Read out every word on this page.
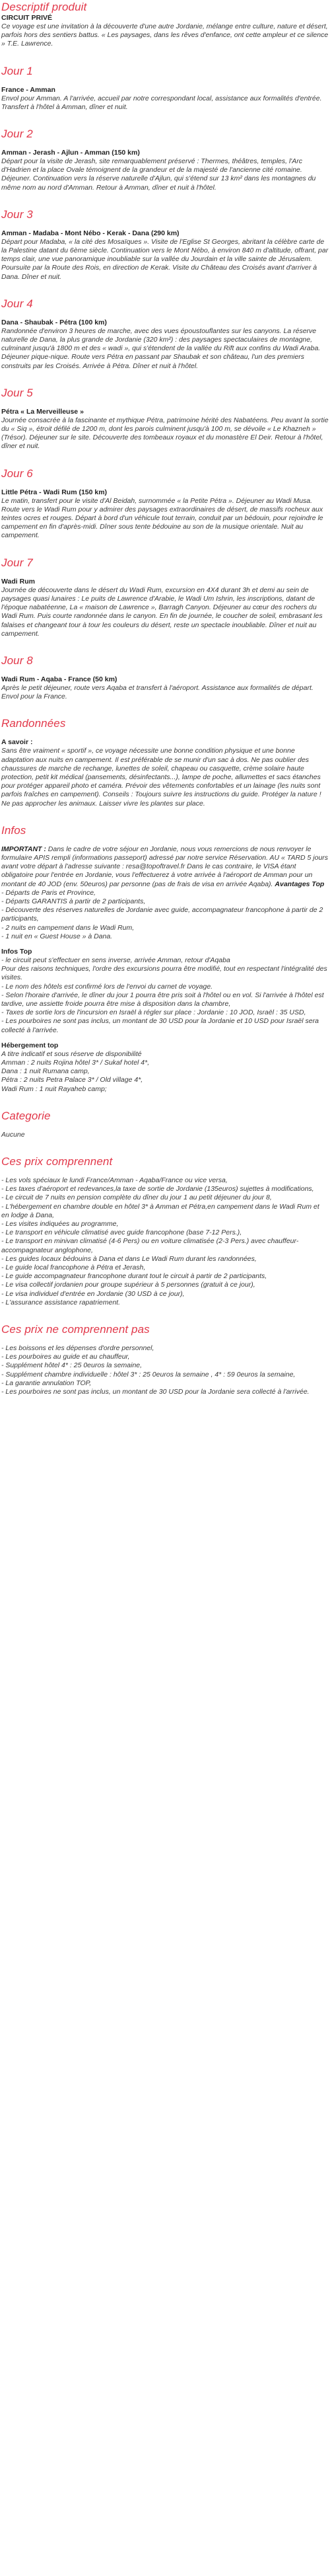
Descriptif produit

CIRCUIT PRIVÉ

Ce voyage est une invitation à la découverte d'une autre Jordanie, mélange entre culture, nature et désert, parfois hors des sentiers battus. « Les paysages, dans les rêves d'enfance, ont cette ampleur et ce silence » T.E. Lawrence.

Jour 1

France - Amman

Envol pour Amman. A l'arrivée, accueil par notre correspondant local, assistance aux formalités d'entrée. Transfert à l'hôtel à Amman, dîner et nuit.

Jour 2

Amman - Jerash - Ajlun - Amman (150 km)

Départ pour la visite de Jerash, site remarquablement préservé : Thermes, théâtres, temples, l'Arc d'Hadrien et la place Ovale témoignent de la grandeur et de la majesté de l'ancienne cité romaine. Déjeuner. Continuation vers la réserve naturelle d'Ajlun, qui s'étend sur 13 km² dans les montagnes du même nom au nord d'Amman. Retour à Amman, dîner et nuit à l'hôtel.

Jour 3

Amman - Madaba - Mont Nébo - Kerak - Dana (290 km)

Départ pour Madaba, « la cité des Mosaïques ». Visite de l'Eglise St Georges, abritant la célèbre carte de la Palestine datant du 6ème siècle. Continuation vers le Mont Nébo, à environ 840 m d'altitude, offrant, par temps clair, une vue panoramique inoubliable sur la vallée du Jourdain et la ville sainte de Jérusalem. Poursuite par la Route des Rois, en direction de Kerak. Visite du Château des Croisés avant d'arriver à Dana. Dîner et nuit.

Jour 4

Dana - Shaubak - Pétra (100 km)

Randonnée d'environ 3 heures de marche, avec des vues époustouflantes sur les canyons. La réserve naturelle de Dana, la plus grande de Jordanie (320 km²) : des paysages spectaculaires de montagne, culminant jusqu'à 1800 m et des « wadi », qui s'étendent de la vallée du Rift aux confins du Wadi Araba. Déjeuner pique-nique. Route vers Pétra en passant par Shaubak et son château, l'un des premiers construits par les Croisés. Arrivée à Pétra. Dîner et nuit à l'hôtel.

Jour 5

Pétra « La Merveilleuse »

Journée consacrée à la fascinante et mythique Pétra, patrimoine hérité des Nabatéens. Peu avant la sortie du « Siq », étroit défilé de 1200 m, dont les parois culminent jusqu'à 100 m, se dévoile « Le Khazneh » (Trésor). Déjeuner sur le site. Découverte des tombeaux royaux et du monastère El Deir. Retour à l'hôtel, dîner et nuit.

Jour 6

Little Pétra - Wadi Rum (150 km)

Le matin, transfert pour le visite d'Al Beidah, surnommée « la Petite Pétra ». Déjeuner au Wadi Musa. Route vers le Wadi Rum pour y admirer des paysages extraordinaires de désert, de massifs rocheux aux teintes ocres et rouges. Départ à bord d'un véhicule tout terrain, conduit par un bédouin, pour rejoindre le campement en fin d'après-midi. Dîner sous tente bédouine au son de la musique orientale. Nuit au campement.

Jour 7

Wadi Rum

Journée de découverte dans le désert du Wadi Rum, excursion en 4X4 durant 3h et demi au sein de paysages quasi lunaires : Le puits de Lawrence d'Arabie, le Wadi Um Ishrin, les inscriptions, datant de l'époque nabatéenne, La « maison de Lawrence », Barragh Canyon. Déjeuner au cœur des rochers du Wadi Rum. Puis courte randonnée dans le canyon. En fin de journée, le coucher de soleil, embrasant les falaises et changeant tour à tour les couleurs du désert, reste un spectacle inoubliable. Dîner et nuit au campement.

Jour 8

Wadi Rum - Aqaba - France (50 km)

Après le petit déjeuner, route vers Aqaba et transfert à l'aéroport. Assistance aux formalités de départ. Envol pour la France.

Randonnées

A savoir :

Sans être vraiment « sportif », ce voyage nécessite une bonne condition physique et une bonne adaptation aux nuits en campement. Il est préférable de se munir d'un sac à dos. Ne pas oublier des chaussures de marche de rechange, lunettes de soleil, chapeau ou casquette, crème solaire haute protection, petit kit médical (pansements, désinfectants...), lampe de poche, allumettes et sacs étanches pour protéger appareil photo et caméra. Prévoir des vêtements confortables et un lainage (les nuits sont parfois fraîches en campement). Conseils : Toujours suivre les instructions du guide. Protéger la nature ! Ne pas approcher les animaux. Laisser vivre les plantes sur place.

Infos

IMPORTANT : Dans le cadre de votre séjour en Jordanie, nous vous remercions de nous renvoyer le formulaire APIS rempli (informations passeport) adressé par notre service Réservation. AU « TARD 5 jours avant votre départ à l'adresse suivante : resa@topoftravel.fr Dans le cas contraire, le VISA étant obligatoire pour l'entrée en Jordanie, vous l'effectuerez à votre arrivée à l'aéroport de Amman pour un montant de 40 JOD (env. 50euros) par personne (pas de frais de visa en arrivée Aqaba). Avantages Top

- Départs de Paris et Province,

- Départs GARANTIS à partir de 2 participants,

- Découverte des réserves naturelles de Jordanie avec guide, accompagnateur francophone à partir de 2 participants,

- 2 nuits en campement dans le Wadi Rum,

- 1 nuit en « Guest House » à Dana.

Infos Top

- le circuit peut s'effectuer en sens inverse, arrivée Amman, retour d'Aqaba

Pour des raisons techniques, l'ordre des excursions pourra être modifié, tout en respectant l'intégralité des visites.

- Le nom des hôtels est confirmé lors de l'envoi du carnet de voyage.

- Selon l'horaire d'arrivée, le dîner du jour 1 pourra être pris soit à l'hôtel ou en vol. Si l'arrivée à l'hôtel est tardive, une assiette froide pourra être mise à disposition dans la chambre,

- Taxes de sortie lors de l'incursion en Israël à régler sur place : Jordanie : 10 JOD, Israël : 35 USD,

- Les pourboires ne sont pas inclus, un montant de 30 USD pour la Jordanie et 10 USD pour Israël sera collecté à l'arrivée.

Hébergement top

A titre indicatif et sous réserve de disponibilité

Amman : 2 nuits Rojina hôtel 3* / Sukaf hotel 4*,

Dana : 1 nuit Rumana camp,

Pétra : 2 nuits Petra Palace 3* / Old village 4*,

Wadi Rum : 1 nuit Rayaheb camp;

Categorie

Aucune

Ces prix comprennent

- Les vols spéciaux le lundi France/Amman - Aqaba/France ou vice versa,

- Les taxes d'aéroport et redevances,la taxe de sortie de Jordanie (135euros) sujettes à modifications,

- Le circuit de 7 nuits en pension complète du dîner du jour 1 au petit déjeuner du jour 8,

- L'hébergement en chambre double en hôtel 3* à Amman et Pétra,en campement dans le Wadi Rum et en lodge à Dana,

- Les visites indiquées au programme,

- Le transport en véhicule climatisé avec guide francophone (base 7-12 Pers.),

- Le transport en minivan climatisé (4-6 Pers) ou en voiture climatisée (2-3 Pers.) avec chauffeur-accompagnateur anglophone,

- Les guides locaux bédouins à Dana et dans Le Wadi Rum durant les randonnées,

- Le guide local francophone à Pétra et Jerash,

- Le guide accompagnateur francophone durant tout le circuit à partir de 2 participants,

- Le visa collectif jordanien pour groupe supérieur à 5 personnes (gratuit à ce jour),

- Le visa individuel d'entrée en Jordanie (30 USD à ce jour),

- L'assurance assistance rapatriement.

Ces prix ne comprennent pas

- Les boissons et les dépenses d'ordre personnel,

- Les pourboires au guide et au chauffeur,

- Supplément hôtel 4* : 25 0euros la semaine,

- Supplément chambre individuelle : hôtel 3* : 25 0euros la semaine , 4* : 59 0euros la semaine,

- La garantie annulation TOP,

- Les pourboires ne sont pas inclus, un montant de 30 USD pour la Jordanie sera collecté à l'arrivée.
